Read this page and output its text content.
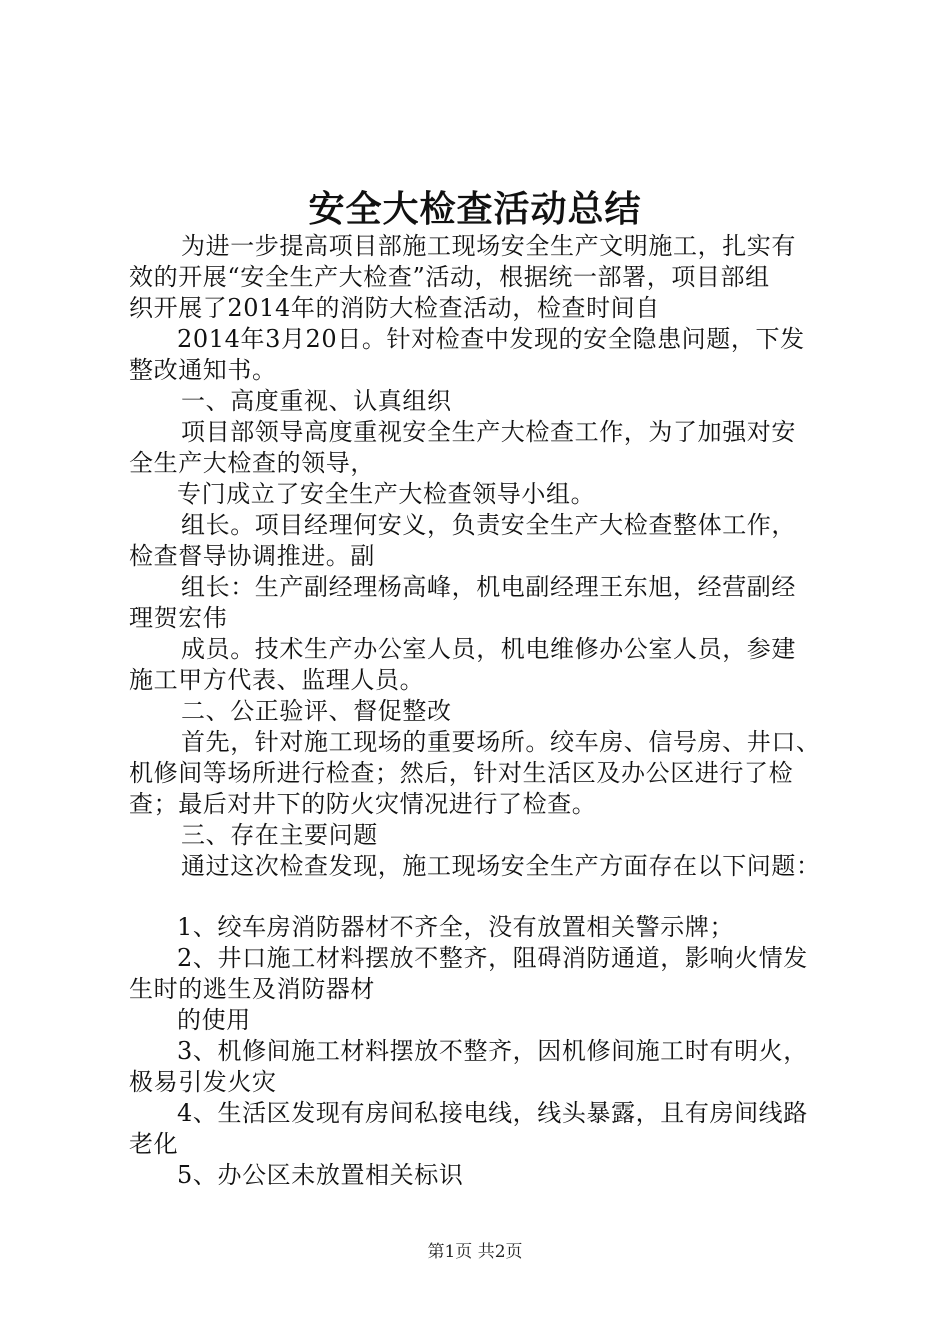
安全大检查活动总结
为进一步提高项目部施工现场安全生产文明施工，扎实有
效的开展“安全生产大检查”活动，根据统一部署，项目部组
织开展了2014年的消防大检查活动，检查时间自
2014年3月20日。针对检查中发现的安全隐患问题，下发
整改通知书。
一、高度重视、认真组织
项目部领导高度重视安全生产大检查工作，为了加强对安
全生产大检查的领导，
专门成立了安全生产大检查领导小组。
组长。项目经理何安义，负责安全生产大检查整体工作，
检查督导协调推进。副
组长：生产副经理杨高峰，机电副经理王东旭，经营副经
理贺宏伟
成员。技术生产办公室人员，机电维修办公室人员，参建
施工甲方代表、监理人员。
二、公正验评、督促整改
首先，针对施工现场的重要场所。绞车房、信号房、井口、
机修间等场所进行检查；然后，针对生活区及办公区进行了检
查；最后对井下的防火灾情况进行了检查。
三、存在主要问题
通过这次检查发现，施工现场安全生产方面存在以下问题：
1、绞车房消防器材不齐全，没有放置相关警示牌；
2、井口施工材料摆放不整齐，阻碍消防通道，影响火情发
生时的逃生及消防器材
的使用
3、机修间施工材料摆放不整齐，因机修间施工时有明火，
极易引发火灾
4、生活区发现有房间私接电线，线头暴露，且有房间线路
老化
5、办公区未放置相关标识
第1页 共2页
